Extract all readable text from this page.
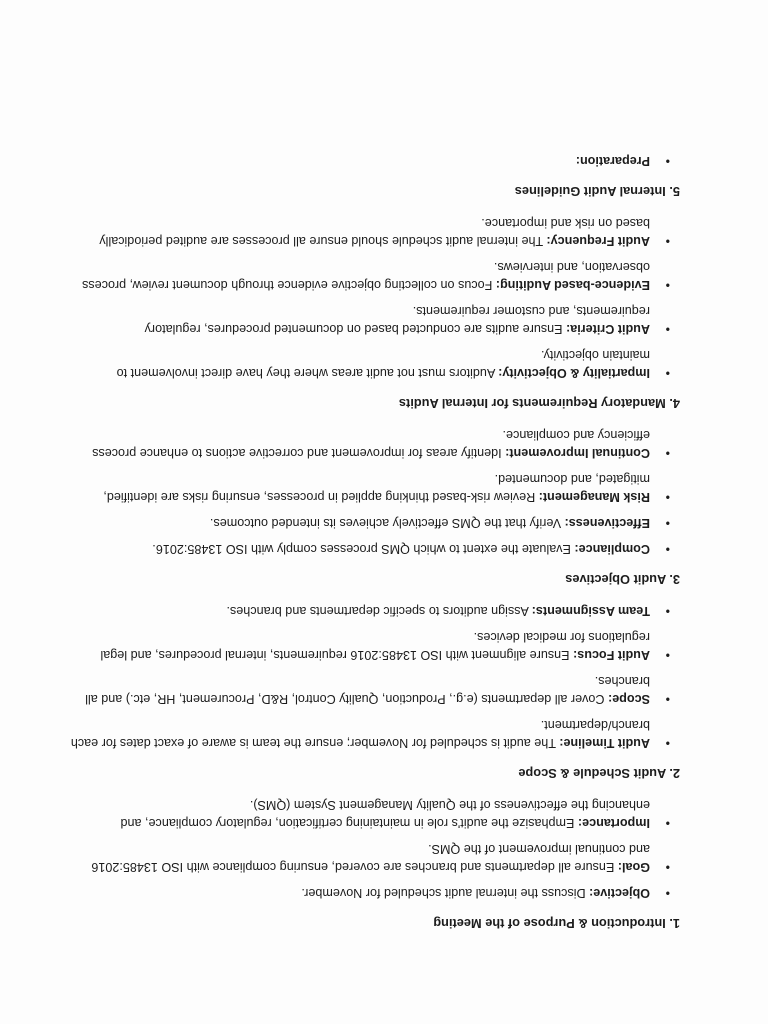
1. Introduction & Purpose of the Meeting
•
Objective: Discuss the internal audit scheduled for November.
•
Goal: Ensure all departments and branches are covered, ensuring compliance with ISO 13485:2016 and continual improvement of the QMS.
•
Importance: Emphasize the audit's role in maintaining certification, regulatory compliance, and enhancing the effectiveness of the Quality Management System (QMS).
2. Audit Schedule & Scope
•
Audit Timeline: The audit is scheduled for November; ensure the team is aware of exact dates for each branch/department.
•
Scope: Cover all departments (e.g., Production, Quality Control, R&D, Procurement, HR, etc.) and all branches.
•
Audit Focus: Ensure alignment with ISO 13485:2016 requirements, internal procedures, and legal regulations for medical devices.
•
Team Assignments: Assign auditors to specific departments and branches.
3. Audit Objectives
•
Compliance: Evaluate the extent to which QMS processes comply with ISO 13485:2016.
•
Effectiveness: Verify that the QMS effectively achieves its intended outcomes.
•
Risk Management: Review risk-based thinking applied in processes, ensuring risks are identified, mitigated, and documented.
•
Continual Improvement: Identify areas for improvement and corrective actions to enhance process efficiency and compliance.
4. Mandatory Requirements for Internal Audits
•
Impartiality & Objectivity: Auditors must not audit areas where they have direct involvement to maintain objectivity.
•
Audit Criteria: Ensure audits are conducted based on documented procedures, regulatory requirements, and customer requirements.
•
Evidence-based Auditing: Focus on collecting objective evidence through document review, process observation, and interviews.
•
Audit Frequency: The internal audit schedule should ensure all processes are audited periodically based on risk and importance.
5. Internal Audit Guidelines
•
Preparation:
